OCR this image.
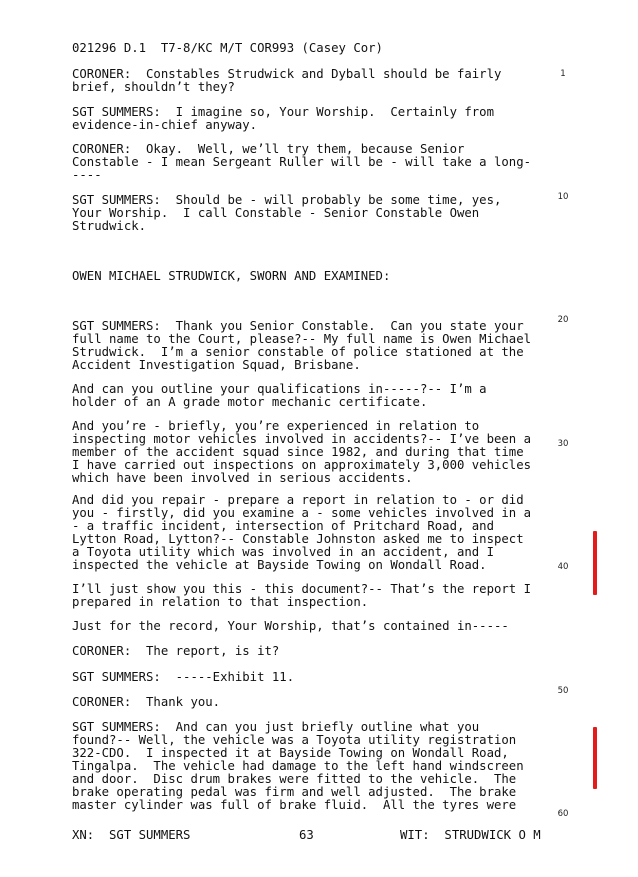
021296 D.1  T7-8/KC M/T COR993 (Casey Cor)
CORONER:  Constables Strudwick and Dyball should be fairly
brief, shouldn’t they?
SGT SUMMERS:  I imagine so, Your Worship.  Certainly from
evidence-in-chief anyway.
CORONER:  Okay.  Well, we’ll try them, because Senior
Constable - I mean Sergeant Ruller will be - will take a long-
----
SGT SUMMERS:  Should be - will probably be some time, yes,
Your Worship.  I call Constable - Senior Constable Owen
Strudwick.
OWEN MICHAEL STRUDWICK, SWORN AND EXAMINED:
SGT SUMMERS:  Thank you Senior Constable.  Can you state your
full name to the Court, please?-- My full name is Owen Michael
Strudwick.  I’m a senior constable of police stationed at the
Accident Investigation Squad, Brisbane.
And can you outline your qualifications in-----?-- I’m a
holder of an A grade motor mechanic certificate.
And you’re - briefly, you’re experienced in relation to
inspecting motor vehicles involved in accidents?-- I’ve been a
member of the accident squad since 1982, and during that time
I have carried out inspections on approximately 3,000 vehicles
which have been involved in serious accidents.
And did you repair - prepare a report in relation to - or did
you - firstly, did you examine a - some vehicles involved in a
- a traffic incident, intersection of Pritchard Road, and
Lytton Road, Lytton?-- Constable Johnston asked me to inspect
a Toyota utility which was involved in an accident, and I
inspected the vehicle at Bayside Towing on Wondall Road.
I’ll just show you this - this document?-- That’s the report I
prepared in relation to that inspection.
Just for the record, Your Worship, that’s contained in-----
CORONER:  The report, is it?
SGT SUMMERS:  -----Exhibit 11.
CORONER:  Thank you.
SGT SUMMERS:  And can you just briefly outline what you
found?-- Well, the vehicle was a Toyota utility registration
322-CDO.  I inspected it at Bayside Towing on Wondall Road,
Tingalpa.  The vehicle had damage to the left hand windscreen
and door.  Disc drum brakes were fitted to the vehicle.  The
brake operating pedal was firm and well adjusted.  The brake
master cylinder was full of brake fluid.  All the tyres were
1
10
20
30
40
50
60
XN:  SGT SUMMERS	63	WIT:  STRUDWICK O M
